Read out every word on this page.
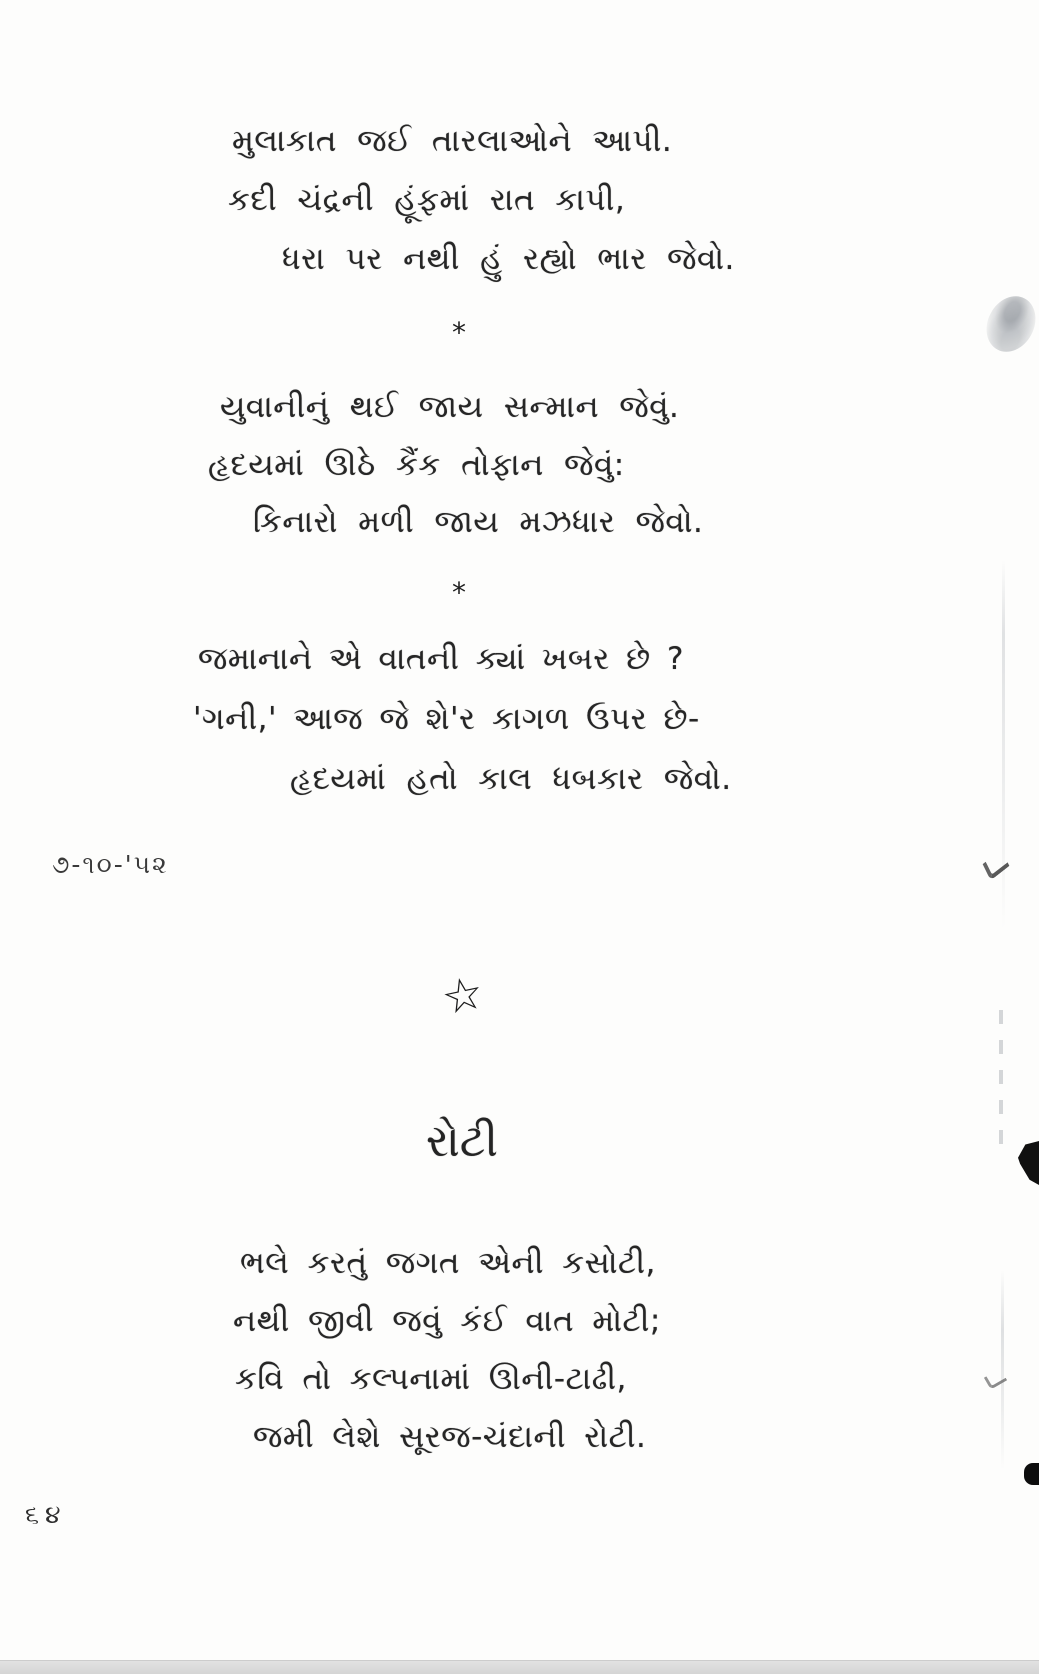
મુલાકાત જઈ તારલાઓને આપી.
કદી ચંદ્રની હૂંફમાં રાત કાપી,
ધરા પર નથી હું રહ્યો ભાર જેવો.
*
યુવાનીનું થઈ જાય સન્માન જેવું.
હૃદયમાં ઊઠે કૈંક તોફાન જેવું:
કિનારો મળી જાય મઝધાર જેવો.
*
જમાનાને એ વાતની ક્યાં ખબર છે ?
'ગની,' આજ જે શે'ર કાગળ ઉપર છે-
હૃદયમાં હતો કાલ ધબકાર જેવો.
૭-૧૦-'૫૨
☆
રોટી
ભલે કરતું જગત એની કસોટી,
નથી જીવી જવું કંઈ વાત મોટી;
કવિ તો કલ્પનામાં ઊની-ટાઢી,
જમી લેશે સૂરજ-ચંદાની રોટી.
૬૪
